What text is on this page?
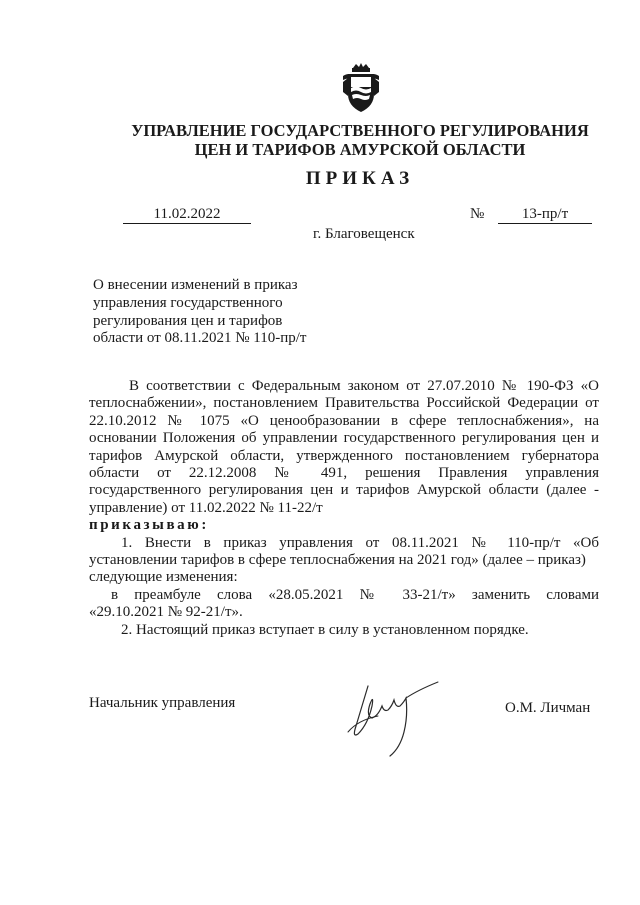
УПРАВЛЕНИЕ ГОСУДАРСТВЕННОГО РЕГУЛИРОВАНИЯ
ЦЕН И ТАРИФОВ АМУРСКОЙ ОБЛАСТИ
ПРИКАЗ
11.02.2022	№	13-пр/т
г. Благовещенск
О внесении изменений в приказ
управления государственного
регулирования цен и тарифов
области от 08.11.2021 № 110-пр/т
В соответствии с Федеральным законом от 27.07.2010 № 190-ФЗ «О
теплоснабжении», постановлением Правительства Российской Федерации от
22.10.2012 № 1075 «О ценообразовании в сфере теплоснабжения», на
основании Положения об управлении государственного регулирования цен и
тарифов Амурской области, утвержденного постановлением губернатора
области от 22.12.2008 № 491, решения Правления управления
государственного регулирования цен и тарифов Амурской области (далее -
управление) от 11.02.2022 № 11-22/т
приказываю:
1. Внести в приказ управления от 08.11.2021 № 110-пр/т «Об
установлении тарифов в сфере теплоснабжения на 2021 год» (далее – приказ)
следующие изменения:
в преамбуле слова «28.05.2021 № 33-21/т» заменить словами
«29.10.2021 № 92-21/т».
2. Настоящий приказ вступает в силу в установленном порядке.
Начальник управления	О.М. Личман
